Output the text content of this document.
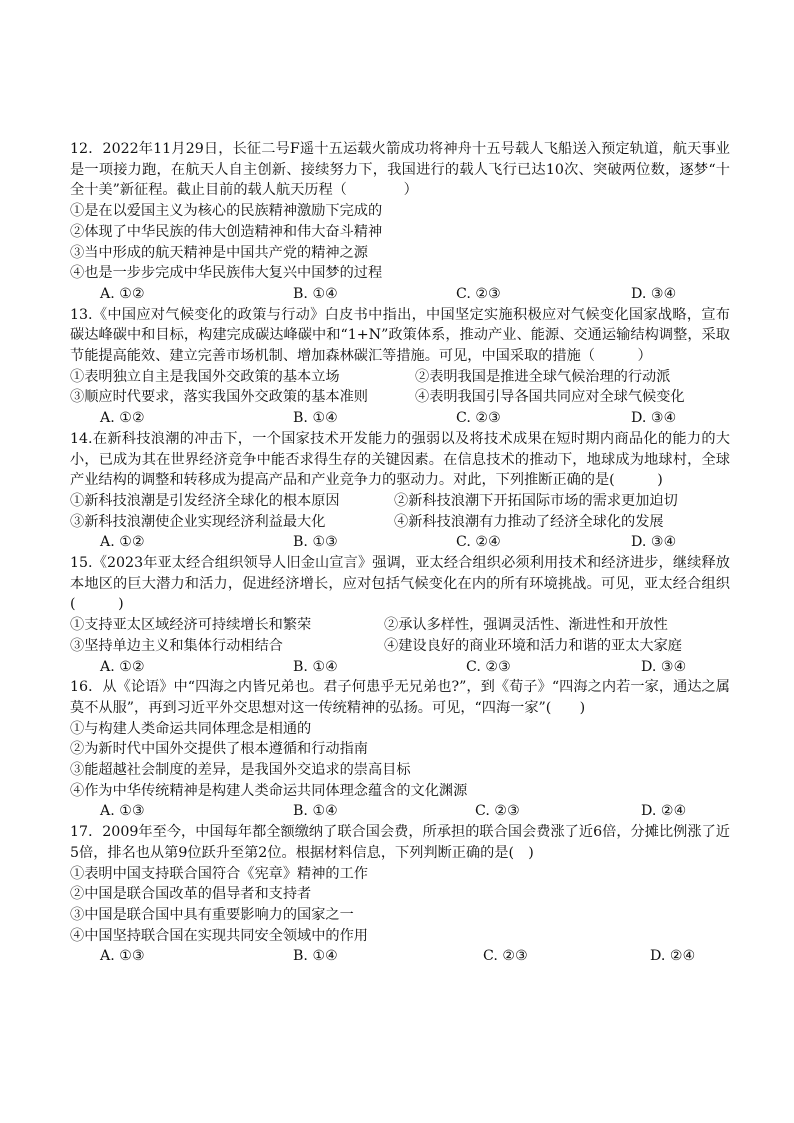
12．2022年11月29日，长征二号F遥十五运载火箭成功将神舟十五号载人飞船送入预定轨道，航天事业是一项接力跑，在航天人自主创新、接续努力下，我国进行的载人飞行已达10次、突破两位数，逐梦“十全十美”新征程。截止目前的载人航天历程（　　　　）

①是在以爱国主义为核心的民族精神激励下完成的

②体现了中华民族的伟大创造精神和伟大奋斗精神

③当中形成的航天精神是中国共产党的精神之源

④也是一步步完成中华民族伟大复兴中国梦的过程

A. ①②	B. ①④	C. ②③	D. ③④

13.《中国应对气候变化的政策与行动》白皮书中指出，中国坚定实施积极应对气候变化国家战略，宣布碳达峰碳中和目标，构建完成碳达峰碳中和“1+N”政策体系，推动产业、能源、交通运输结构调整，采取节能提高能效、建立完善市场机制、增加森林碳汇等措施。可见，中国采取的措施（　　　）

①表明独立自主是我国外交政策的基本立场	②表明我国是推进全球气候治理的行动派
③顺应时代要求，落实我国外交政策的基本准则	④表明我国引导各国共同应对全球气候变化
A. ①②	B. ①④	C. ②③	D. ③④

14.在新科技浪潮的冲击下，一个国家技术开发能力的强弱以及将技术成果在短时期内商品化的能力的大小，已成为其在世界经济竞争中能否求得生存的关键因素。在信息技术的推动下，地球成为地球村，全球产业结构的调整和转移成为提高产品和产业竞争力的驱动力。对此，下列推断正确的是(　　　)

①新科技浪潮是引发经济全球化的根本原因	②新科技浪潮下开拓国际市场的需求更加迫切
③新科技浪潮使企业实现经济利益最大化	④新科技浪潮有力推动了经济全球化的发展
A. ①②	B. ①③	C. ②④	D. ③④

15.《2023年亚太经合组织领导人旧金山宣言》强调，亚太经合组织必须利用技术和经济进步，继续释放本地区的巨大潜力和活力，促进经济增长，应对包括气候变化在内的所有环境挑战。可见，亚太经合组织(　　　)

①支持亚太区域经济可持续增长和繁荣	②承认多样性，强调灵活性、渐进性和开放性
③坚持单边主义和集体行动相结合	④建设良好的商业环境和活力和谐的亚太大家庭
A. ①②	B. ①④	C. ②③	D. ③④

16．从《论语》中“四海之内皆兄弟也。君子何患乎无兄弟也?”，到《荀子》“四海之内若一家，通达之属莫不从服”，再到习近平外交思想对这一传统精神的弘扬。可见，“四海一家”(　　)

①与构建人类命运共同体理念是相通的

②为新时代中国外交提供了根本遵循和行动指南

③能超越社会制度的差异，是我国外交追求的崇高目标

④作为中华传统精神是构建人类命运共同体理念蕴含的文化渊源

A. ①③	B. ①④	C. ②③	D. ②④

17．2009年至今，中国每年都全额缴纳了联合国会费，所承担的联合国会费涨了近6倍，分摊比例涨了近5倍，排名也从第9位跃升至第2位。根据材料信息，下列判断正确的是(　)

①表明中国支持联合国符合《宪章》精神的工作

②中国是联合国改革的倡导者和支持者

③中国是联合国中具有重要影响力的国家之一

④中国坚持联合国在实现共同安全领域中的作用

A. ①③	B. ①④	C. ②③	D. ②④
